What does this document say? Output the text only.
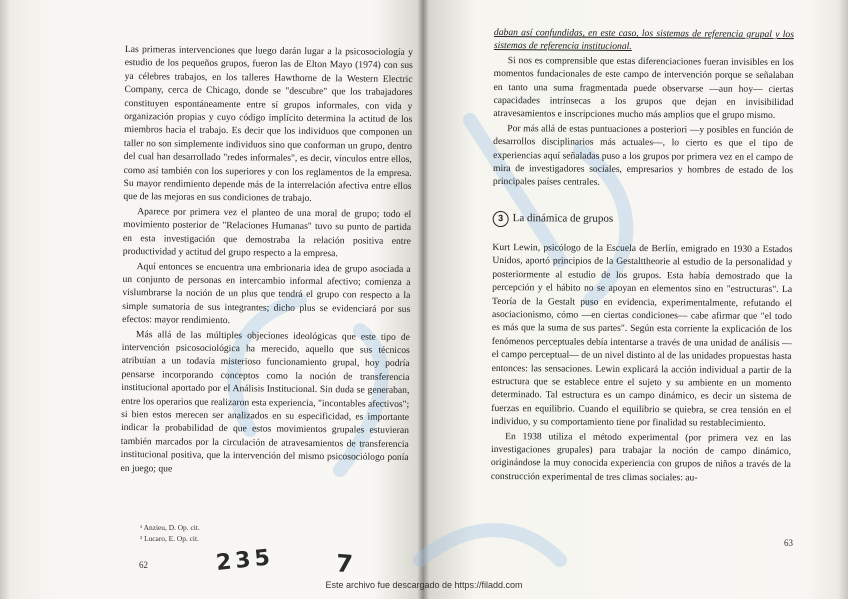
Las primeras intervenciones que luego darán lugar a la psicosociología y estudio de los pequeños grupos, fueron las de Elton Mayo (1974) con sus ya célebres trabajos, en los talleres Hawthorne de la Western Electric Company, cerca de Chicago, donde se "descubre" que los trabajadores constituyen espontáneamente entre sí grupos informales, con vida y organización propias y cuyo código implícito determina la actitud de los miembros hacia el trabajo. Es decir que los individuos que componen un taller no son simplemente individuos sino que conforman un grupo, dentro del cual han desarrollado "redes informales", es decir, vínculos entre ellos, como así también con los superiores y con los reglamentos de la empresa. Su mayor rendimiento depende más de la interrelación afectiva entre ellos que de las mejoras en sus condiciones de trabajo.

Aparece por primera vez el planteo de una moral de grupo; todo el movimiento posterior de "Relaciones Humanas" tuvo su punto de partida en esta investigación que demostraba la relación positiva entre productividad y actitud del grupo respecto a la empresa.

Aquí entonces se encuentra una embrionaria idea de grupo asociada a un conjunto de personas en intercambio informal afectivo; comienza a vislumbrarse la noción de un plus que tendrá el grupo con respecto a la simple sumatoria de sus integrantes; dicho plus se evidenciará por sus efectos: mayor rendimiento.

Más allá de las múltiples objeciones ideológicas que este tipo de intervención psicosociológica ha merecido, aquello que sus técnicos atribuían a un todavía misterioso funcionamiento grupal, hoy podría pensarse incorporando conceptos como la noción de transferencia institucional aportado por el Análisis Institucional. Sin duda se generaban, entre los operarios que realizaron esta experiencia, "incontables afectivos"; si bien estos merecen ser analizados en su especificidad, es importante indicar la probabilidad de que estos movimientos grupales estuvieran también marcados por la circulación de atravesamientos de transferencia institucional positiva, que la intervención del mismo psicosociólogo ponía en juego; que

¹ Anzieu, D. Op. cit.
² Lucaro, E. Op. cit.
62	235 7

daban así confundidas, en este caso, los sistemas de referencia grupal y los sistemas de referencia institucional.

Si nos es comprensible que estas diferenciaciones fueran invisibles en los momentos fundacionales de este campo de intervención porque se señalaban en tanto una suma fragmentada puede observarse —aun hoy— ciertas capacidades intrínsecas a los grupos que dejan en invisibilidad atravesamientos e inscripciones mucho más amplios que el grupo mismo.

Por más allá de estas puntuaciones a posteriori —y posibles en función de desarrollos disciplinarios más actuales—, lo cierto es que el tipo de experiencias aquí señaladas puso a los grupos por primera vez en el campo de mira de investigadores sociales, empresarios y hombres de estado de los principales países centrales.

3 La dinámica de grupos

Kurt Lewin, psicólogo de la Escuela de Berlín, emigrado en 1930 a Estados Unidos, aportó principios de la Gestalttheorie al estudio de la personalidad y posteriormente al estudio de los grupos. Esta había demostrado que la percepción y el hábito no se apoyan en elementos sino en "estructuras". La Teoría de la Gestalt puso en evidencia, experimentalmente, refutando el asociacionismo, cómo —en ciertas condiciones— cabe afirmar que "el todo es más que la suma de sus partes". Según esta corriente la explicación de los fenómenos perceptuales debía intentarse a través de una unidad de análisis —el campo perceptual— de un nivel distinto al de las unidades propuestas hasta entonces: las sensaciones. Lewin explicará la acción individual a partir de la estructura que se establece entre el sujeto y su ambiente en un momento determinado. Tal estructura es un campo dinámico, es decir un sistema de fuerzas en equilibrio. Cuando el equilibrio se quiebra, se crea tensión en el individuo, y su comportamiento tiene por finalidad su restablecimiento.

En 1938 utiliza el método experimental (por primera vez en las investigaciones grupales) para trabajar la noción de campo dinámico, originándose la muy conocida experiencia con grupos de niños a través de la construcción experimental de tres climas sociales: au-

63
Este archivo fue descargado de https://filadd.com
